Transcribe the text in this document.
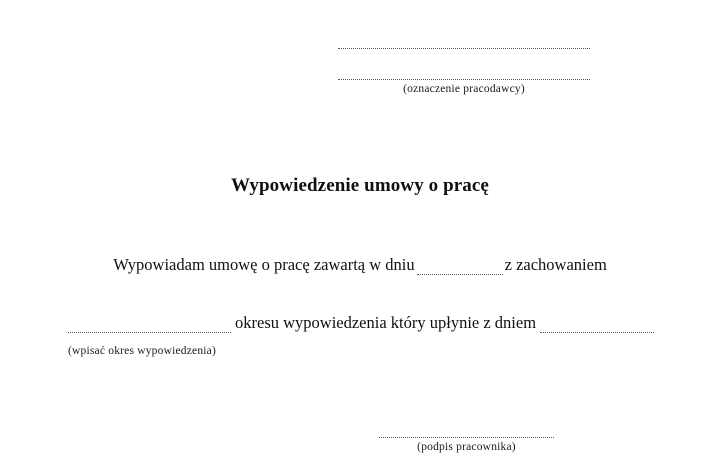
(oznaczenie pracodawcy)
Wypowiedzenie umowy o pracę
Wypowiadam umowę o pracę zawartą w dniu	z zachowaniem
okresu wypowiedzenia który upłynie z dniem
(wpisać okres wypowiedzenia)
(podpis pracownika)
